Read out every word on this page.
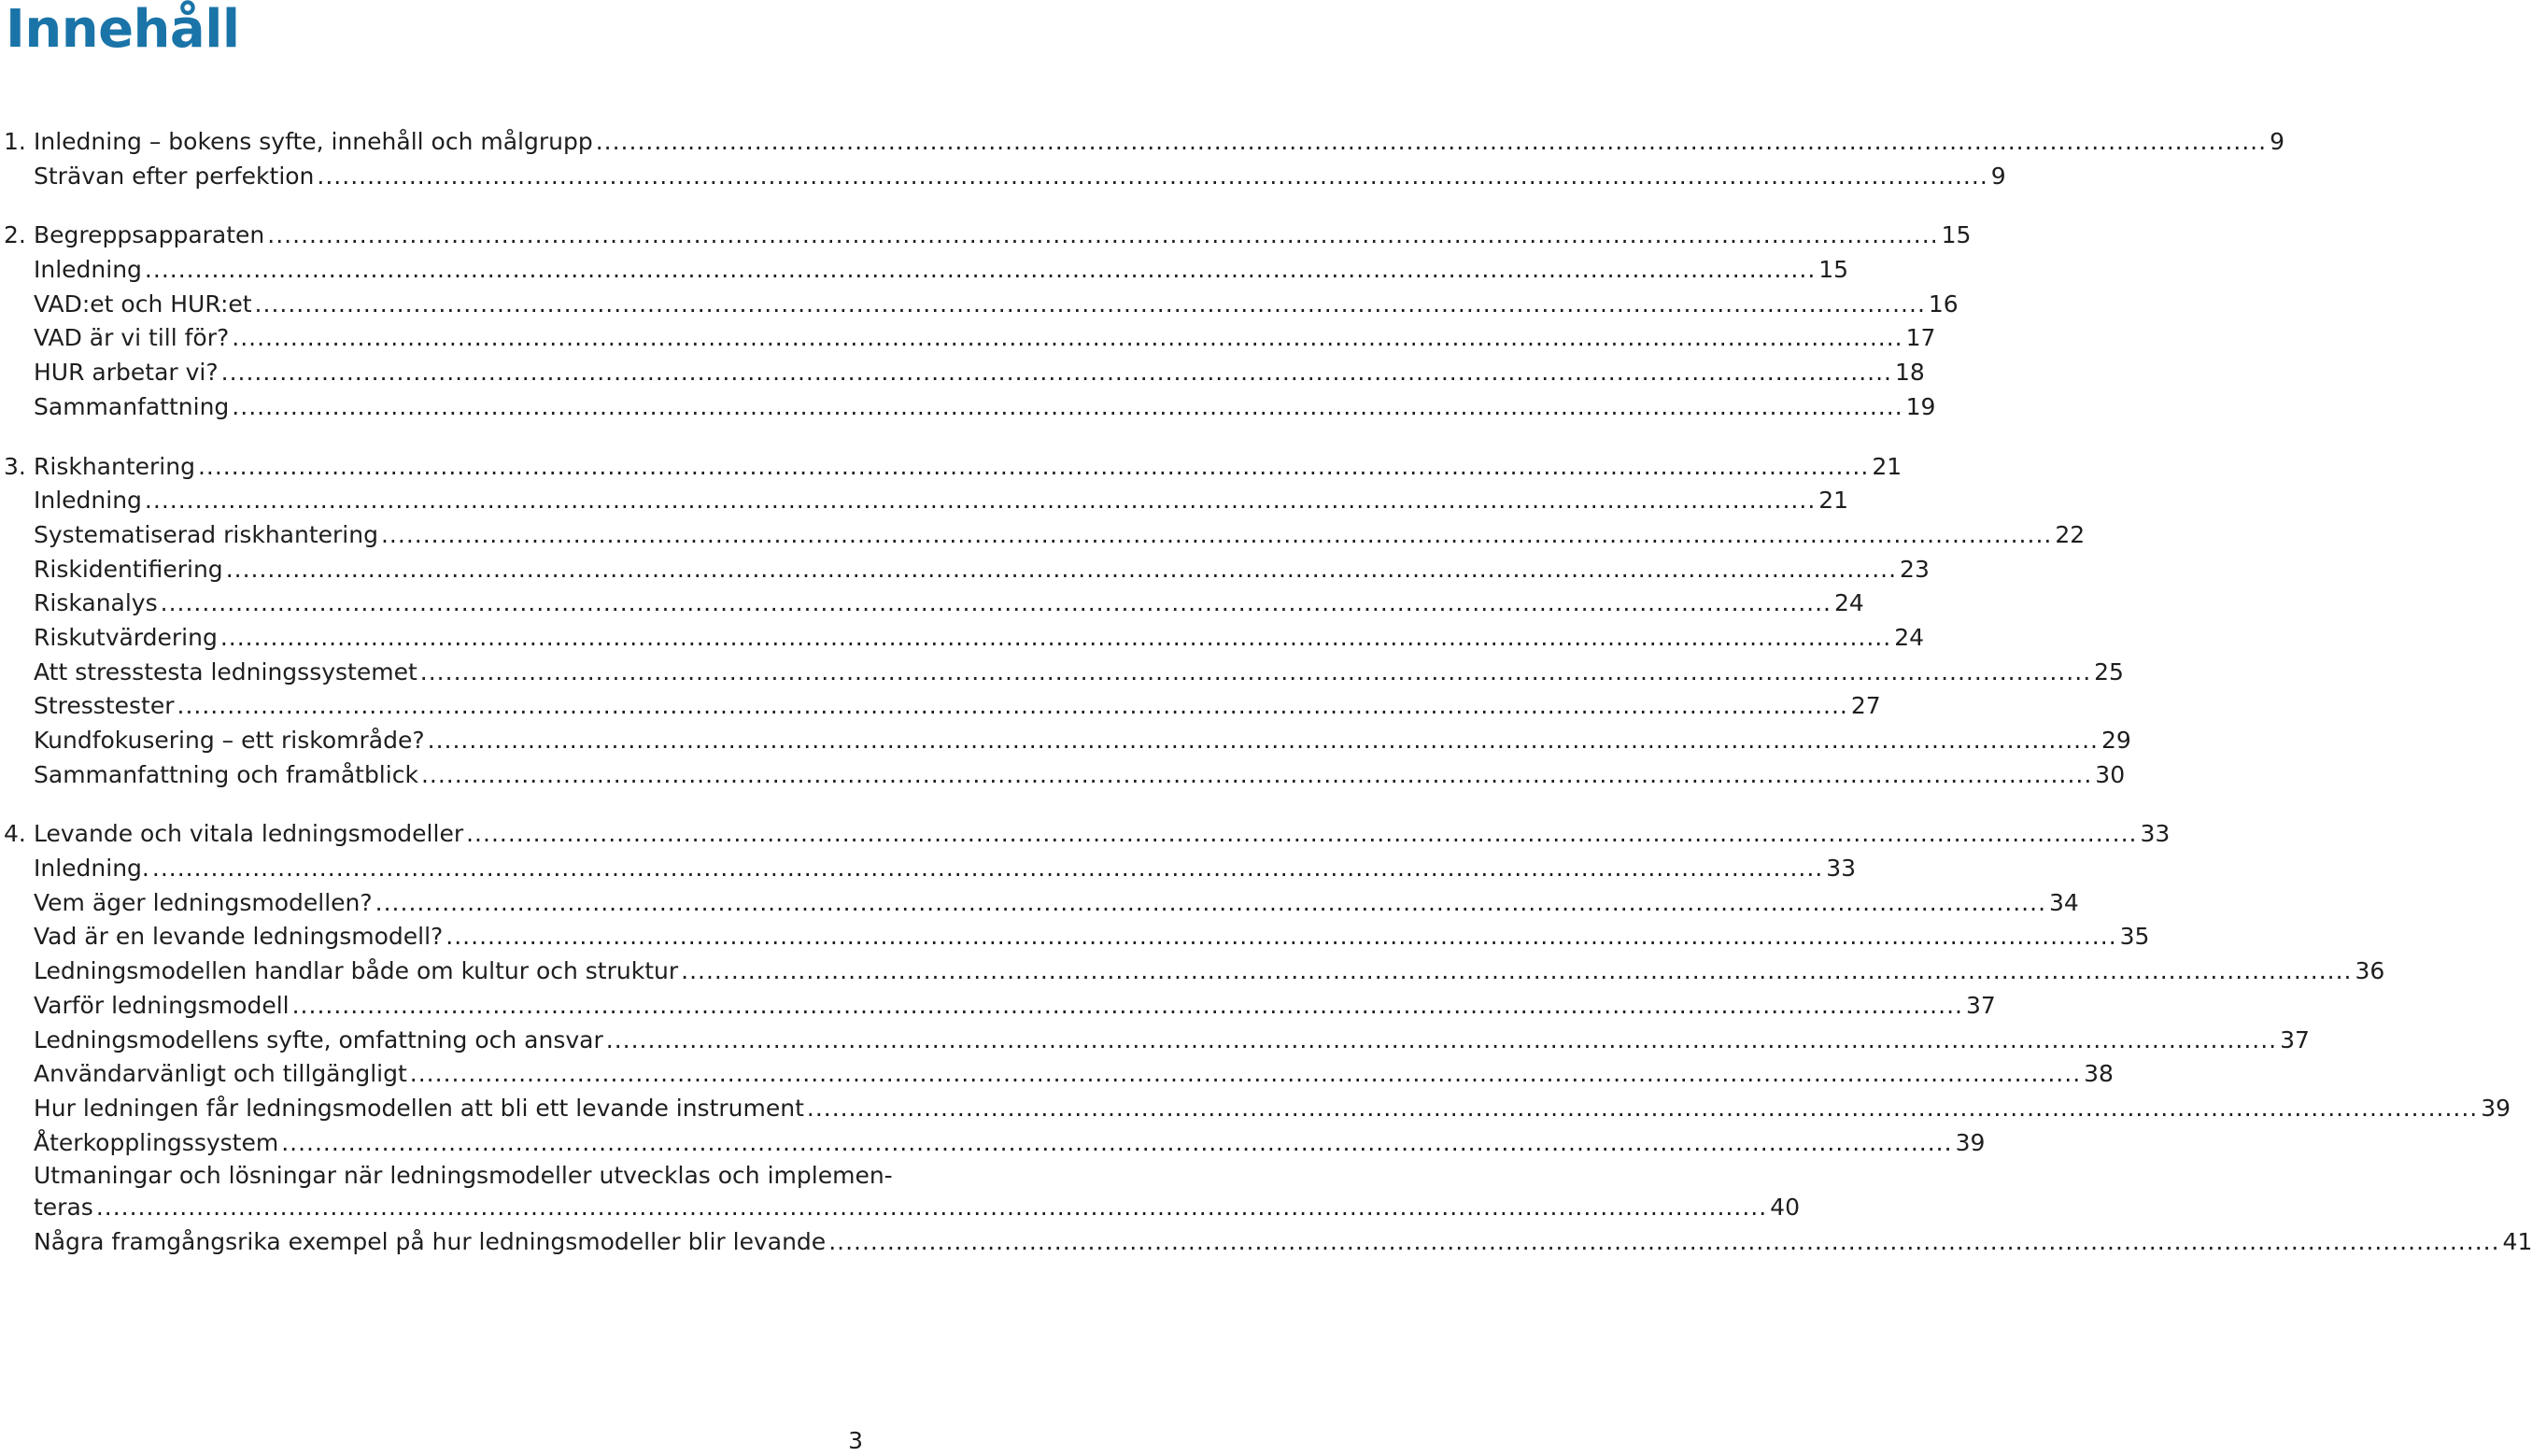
Innehåll
1. Inledning – bokens syfte, innehåll och målgrupp .....	9
Strävan efter perfektion .....	9
2. Begreppsapparaten .....	15
Inledning .....	15
VAD:et och HUR:et .....	16
VAD är vi till för? .....	17
HUR arbetar vi? .....	18
Sammanfattning .....	19
3. Riskhantering .....	21
Inledning .....	21
Systematiserad riskhantering .....	22
Riskidentifiering .....	23
Riskanalys .....	24
Riskutvärdering .....	24
Att stresstesta ledningssystemet .....	25
Stresstester .....	27
Kundfokusering – ett riskområde? .....	29
Sammanfattning och framåtblick .....	30
4. Levande och vitala ledningsmodeller .....	33
Inledning. .....	33
Vem äger ledningsmodellen? .....	34
Vad är en levande ledningsmodell? .....	35
Ledningsmodellen handlar både om kultur och struktur .....	36
Varför ledningsmodell .....	37
Ledningsmodellens syfte, omfattning och ansvar .....	37
Användarvänligt och tillgängligt .....	38
Hur ledningen får ledningsmodellen att bli ett levande instrument .....	39
Återkopplingssystem .....	39
Utmaningar och lösningar när ledningsmodeller utvecklas och implemen-
teras .....	40
Några framgångsrika exempel på hur ledningsmodeller blir levande .....	41
3
